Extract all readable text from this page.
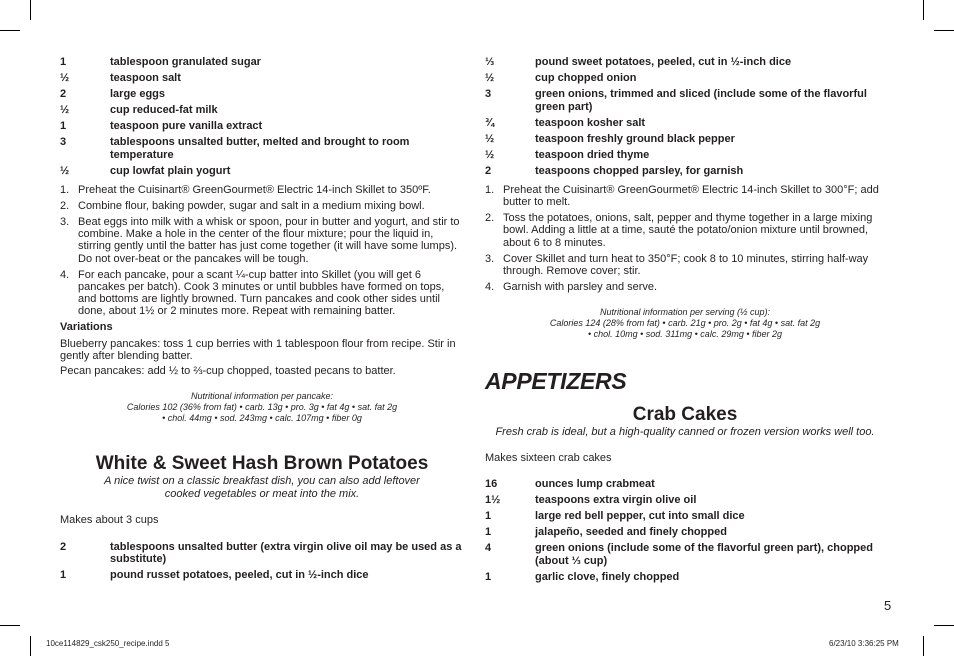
1	tablespoon granulated sugar
½	teaspoon salt
2	large eggs
½	cup reduced-fat milk
1	teaspoon pure vanilla extract
3	tablespoons unsalted butter, melted and brought to room temperature
½	cup lowfat plain yogurt
1. Preheat the Cuisinart® GreenGourmet® Electric 14-inch Skillet to 350ºF.
2. Combine flour, baking powder, sugar and salt in a medium mixing bowl.
3. Beat eggs into milk with a whisk or spoon, pour in butter and yogurt, and stir to combine. Make a hole in the center of the flour mixture; pour the liquid in, stirring gently until the batter has just come together (it will have some lumps). Do not over-beat or the pancakes will be tough.
4. For each pancake, pour a scant ¼-cup batter into Skillet (you will get 6 pancakes per batch). Cook 3 minutes or until bubbles have formed on tops, and bottoms are lightly browned. Turn pancakes and cook other sides until done, about 1½ or 2 minutes more. Repeat with remaining batter.
Variations
Blueberry pancakes: toss 1 cup berries with 1 tablespoon flour from recipe. Stir in gently after blending batter.
Pecan pancakes: add ½ to ⅔-cup chopped, toasted pecans to batter.
Nutritional information per pancake:
Calories 102 (36% from fat) • carb. 13g • pro. 3g • fat 4g • sat. fat 2g
• chol. 44mg • sod. 243mg • calc. 107mg • fiber 0g
White & Sweet Hash Brown Potatoes
A nice twist on a classic breakfast dish, you can also add leftover cooked vegetables or meat into the mix.
Makes about 3 cups
2	tablespoons unsalted butter (extra virgin olive oil may be used as a substitute)
1	pound russet potatoes, peeled, cut in ½-inch dice
⅓	pound sweet potatoes, peeled, cut in ½-inch dice
½	cup chopped onion
3	green onions, trimmed and sliced (include some of the flavorful green part)
¾	teaspoon kosher salt
½	teaspoon freshly ground black pepper
½	teaspoon dried thyme
2	teaspoons chopped parsley, for garnish
1. Preheat the Cuisinart® GreenGourmet® Electric 14-inch Skillet to 300°F; add butter to melt.
2. Toss the potatoes, onions, salt, pepper and thyme together in a large mixing bowl. Adding a little at a time, sauté the potato/onion mixture until browned, about 6 to 8 minutes.
3. Cover Skillet and turn heat to 350°F; cook 8 to 10 minutes, stirring half-way through. Remove cover; stir.
4. Garnish with parsley and serve.
Nutritional information per serving (½ cup):
Calories 124 (28% from fat) • carb. 21g • pro. 2g • fat 4g • sat. fat 2g
• chol. 10mg • sod. 311mg • calc. 29mg • fiber 2g
APPETIZERS
Crab Cakes
Fresh crab is ideal, but a high-quality canned or frozen version works well too.
Makes sixteen crab cakes
16	ounces lump crabmeat
1½	teaspoons extra virgin olive oil
1	large red bell pepper, cut into small dice
1	jalapeño, seeded and finely chopped
4	green onions (include some of the flavorful green part), chopped (about ⅓ cup)
1	garlic clove, finely chopped
5
10ce114829_csk250_recipe.indd 5	6/23/10 3:36:25 PM
